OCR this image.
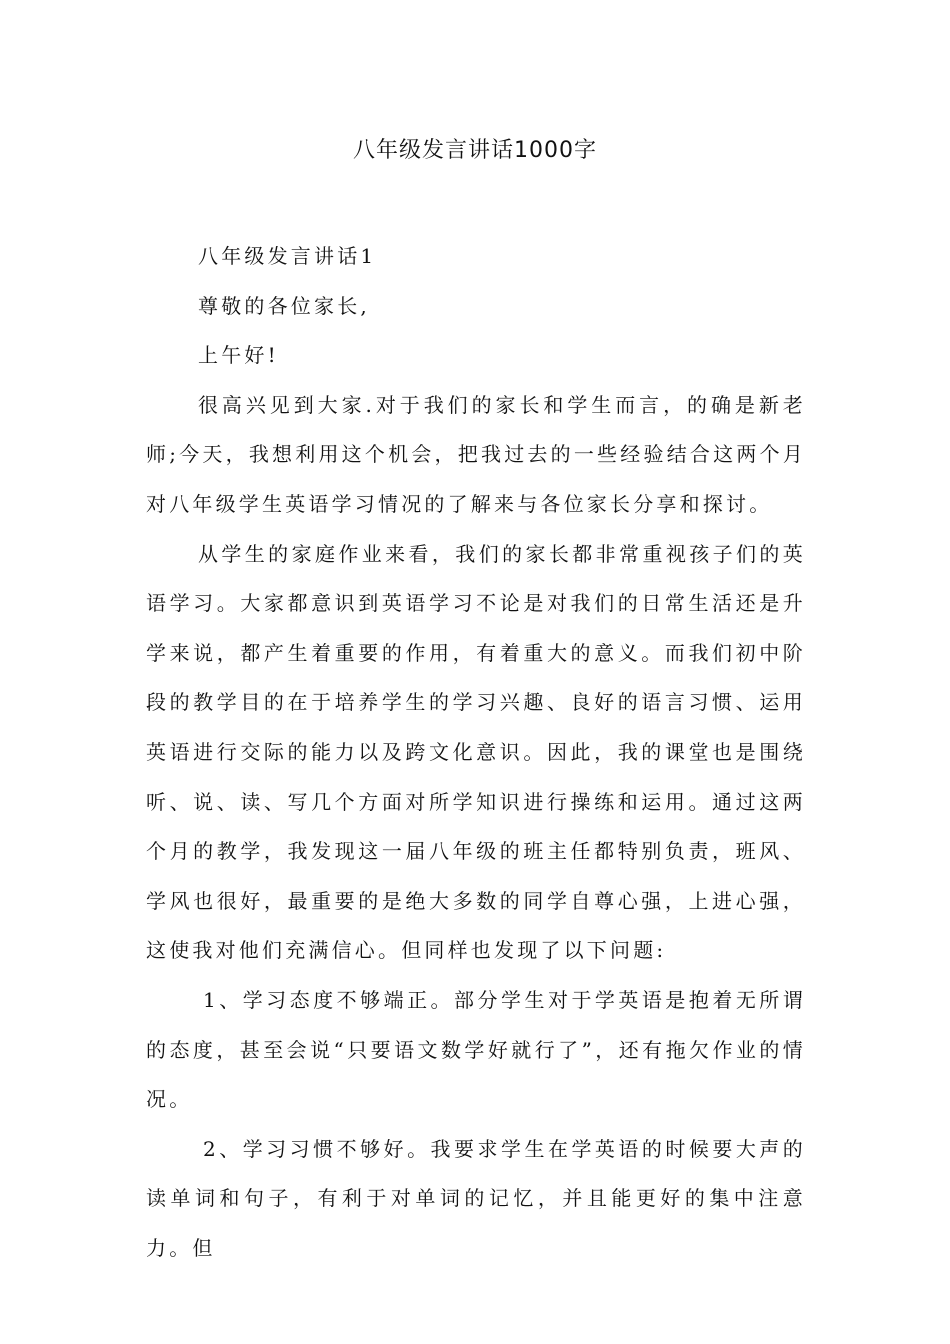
八年级发言讲话1000字

八年级发言讲话1

尊敬的各位家长,

上午好!

很高兴见到大家.对于我们的家长和学生而言，的确是新老师;今天，我想利用这个机会，把我过去的一些经验结合这两个月对八年级学生英语学习情况的了解来与各位家长分享和探讨。

从学生的家庭作业来看，我们的家长都非常重视孩子们的英语学习。大家都意识到英语学习不论是对我们的日常生活还是升学来说，都产生着重要的作用，有着重大的意义。而我们初中阶段的教学目的在于培养学生的学习兴趣、良好的语言习惯、运用英语进行交际的能力以及跨文化意识。因此，我的课堂也是围绕听、说、读、写几个方面对所学知识进行操练和运用。通过这两个月的教学，我发现这一届八年级的班主任都特别负责，班风、学风也很好，最重要的是绝大多数的同学自尊心强，上进心强，这使我对他们充满信心。但同样也发现了以下问题:

1、学习态度不够端正。部分学生对于学英语是抱着无所谓的态度，甚至会说“只要语文数学好就行了”，还有拖欠作业的情况。

2、学习习惯不够好。我要求学生在学英语的时候要大声的读单词和句子，有利于对单词的记忆，并且能更好的集中注意力。但
